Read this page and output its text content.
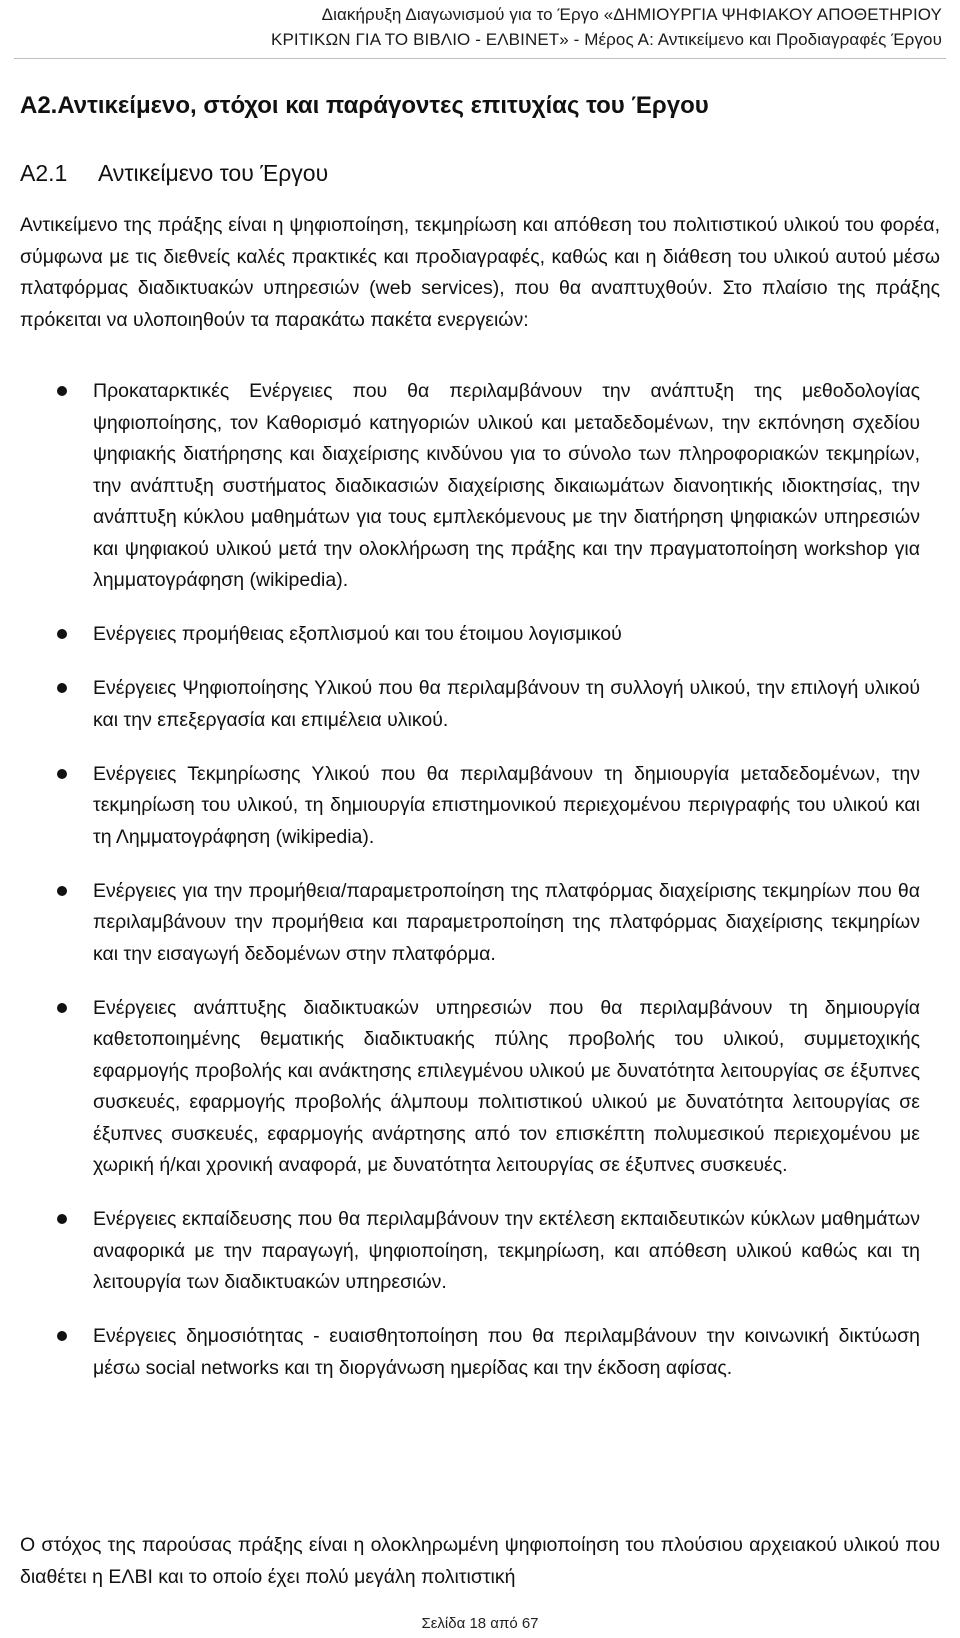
Διακήρυξη Διαγωνισμού για το Έργο «ΔΗΜΙΟΥΡΓΙΑ ΨΗΦΙΑΚΟΥ ΑΠΟΘΕΤΗΡΙΟΥ
ΚΡΙΤΙΚΩΝ ΓΙΑ ΤΟ ΒΙΒΛΙΟ - ΕΛΒΙΝΕΤ» - Μέρος Α: Αντικείμενο και Προδιαγραφές Έργου
Α2.Αντικείμενο, στόχοι και παράγοντες επιτυχίας του Έργου
Α2.1 Αντικείμενο του Έργου
Αντικείμενο της πράξης είναι η ψηφιοποίηση, τεκμηρίωση και απόθεση του πολιτιστικού υλικού του φορέα, σύμφωνα με τις διεθνείς καλές πρακτικές και προδιαγραφές, καθώς και η διάθεση του υλικού αυτού μέσω πλατφόρμας διαδικτυακών υπηρεσιών (web services), που θα αναπτυχθούν. Στο πλαίσιο της πράξης πρόκειται να υλοποιηθούν τα παρακάτω πακέτα ενεργειών:
Προκαταρκτικές Ενέργειες που θα περιλαμβάνουν την ανάπτυξη της μεθοδολογίας ψηφιοποίησης, τον Καθορισμό κατηγοριών υλικού και μεταδεδομένων, την εκπόνηση σχεδίου ψηφιακής διατήρησης και διαχείρισης κινδύνου για το σύνολο των πληροφοριακών τεκμηρίων, την ανάπτυξη συστήματος διαδικασιών διαχείρισης δικαιωμάτων διανοητικής ιδιοκτησίας, την ανάπτυξη κύκλου μαθημάτων για τους εμπλεκόμενους με την διατήρηση ψηφιακών υπηρεσιών και ψηφιακού υλικού μετά την ολοκλήρωση της πράξης και την πραγματοποίηση workshop για λημματογράφηση (wikipedia).
Ενέργειες προμήθειας εξοπλισμού και του έτοιμου λογισμικού
Ενέργειες Ψηφιοποίησης Υλικού που θα περιλαμβάνουν τη συλλογή υλικού, την επιλογή υλικού και την επεξεργασία και επιμέλεια υλικού.
Ενέργειες Τεκμηρίωσης Υλικού που θα περιλαμβάνουν τη δημιουργία μεταδεδομένων, την τεκμηρίωση του υλικού, τη δημιουργία επιστημονικού περιεχομένου περιγραφής του υλικού και τη Λημματογράφηση (wikipedia).
Ενέργειες για την προμήθεια/παραμετροποίηση της πλατφόρμας διαχείρισης τεκμηρίων που θα περιλαμβάνουν την προμήθεια και παραμετροποίηση της πλατφόρμας διαχείρισης τεκμηρίων και την εισαγωγή δεδομένων στην πλατφόρμα.
Ενέργειες ανάπτυξης διαδικτυακών υπηρεσιών που θα περιλαμβάνουν τη δημιουργία καθετοποιημένης θεματικής διαδικτυακής πύλης προβολής του υλικού, συμμετοχικής εφαρμογής προβολής και ανάκτησης επιλεγμένου υλικού με δυνατότητα λειτουργίας σε έξυπνες συσκευές, εφαρμογής προβολής άλμπουμ πολιτιστικού υλικού με δυνατότητα λειτουργίας σε έξυπνες συσκευές, εφαρμογής ανάρτησης από τον επισκέπτη πολυμεσικού περιεχομένου με χωρική ή/και χρονική αναφορά, με δυνατότητα λειτουργίας σε έξυπνες συσκευές.
Ενέργειες εκπαίδευσης που θα περιλαμβάνουν την εκτέλεση εκπαιδευτικών κύκλων μαθημάτων αναφορικά με την παραγωγή, ψηφιοποίηση, τεκμηρίωση, και απόθεση υλικού καθώς και τη λειτουργία των διαδικτυακών υπηρεσιών.
Ενέργειες δημοσιότητας - ευαισθητοποίηση που θα περιλαμβάνουν την κοινωνική δικτύωση μέσω social networks και τη διοργάνωση ημερίδας και την έκδοση αφίσας.
Ο στόχος της παρούσας πράξης είναι η ολοκληρωμένη ψηφιοποίηση του πλούσιου αρχειακού υλικού που διαθέτει η ΕΛΒΙ και το οποίο έχει πολύ μεγάλη πολιτιστική
Σελίδα 18 από 67
